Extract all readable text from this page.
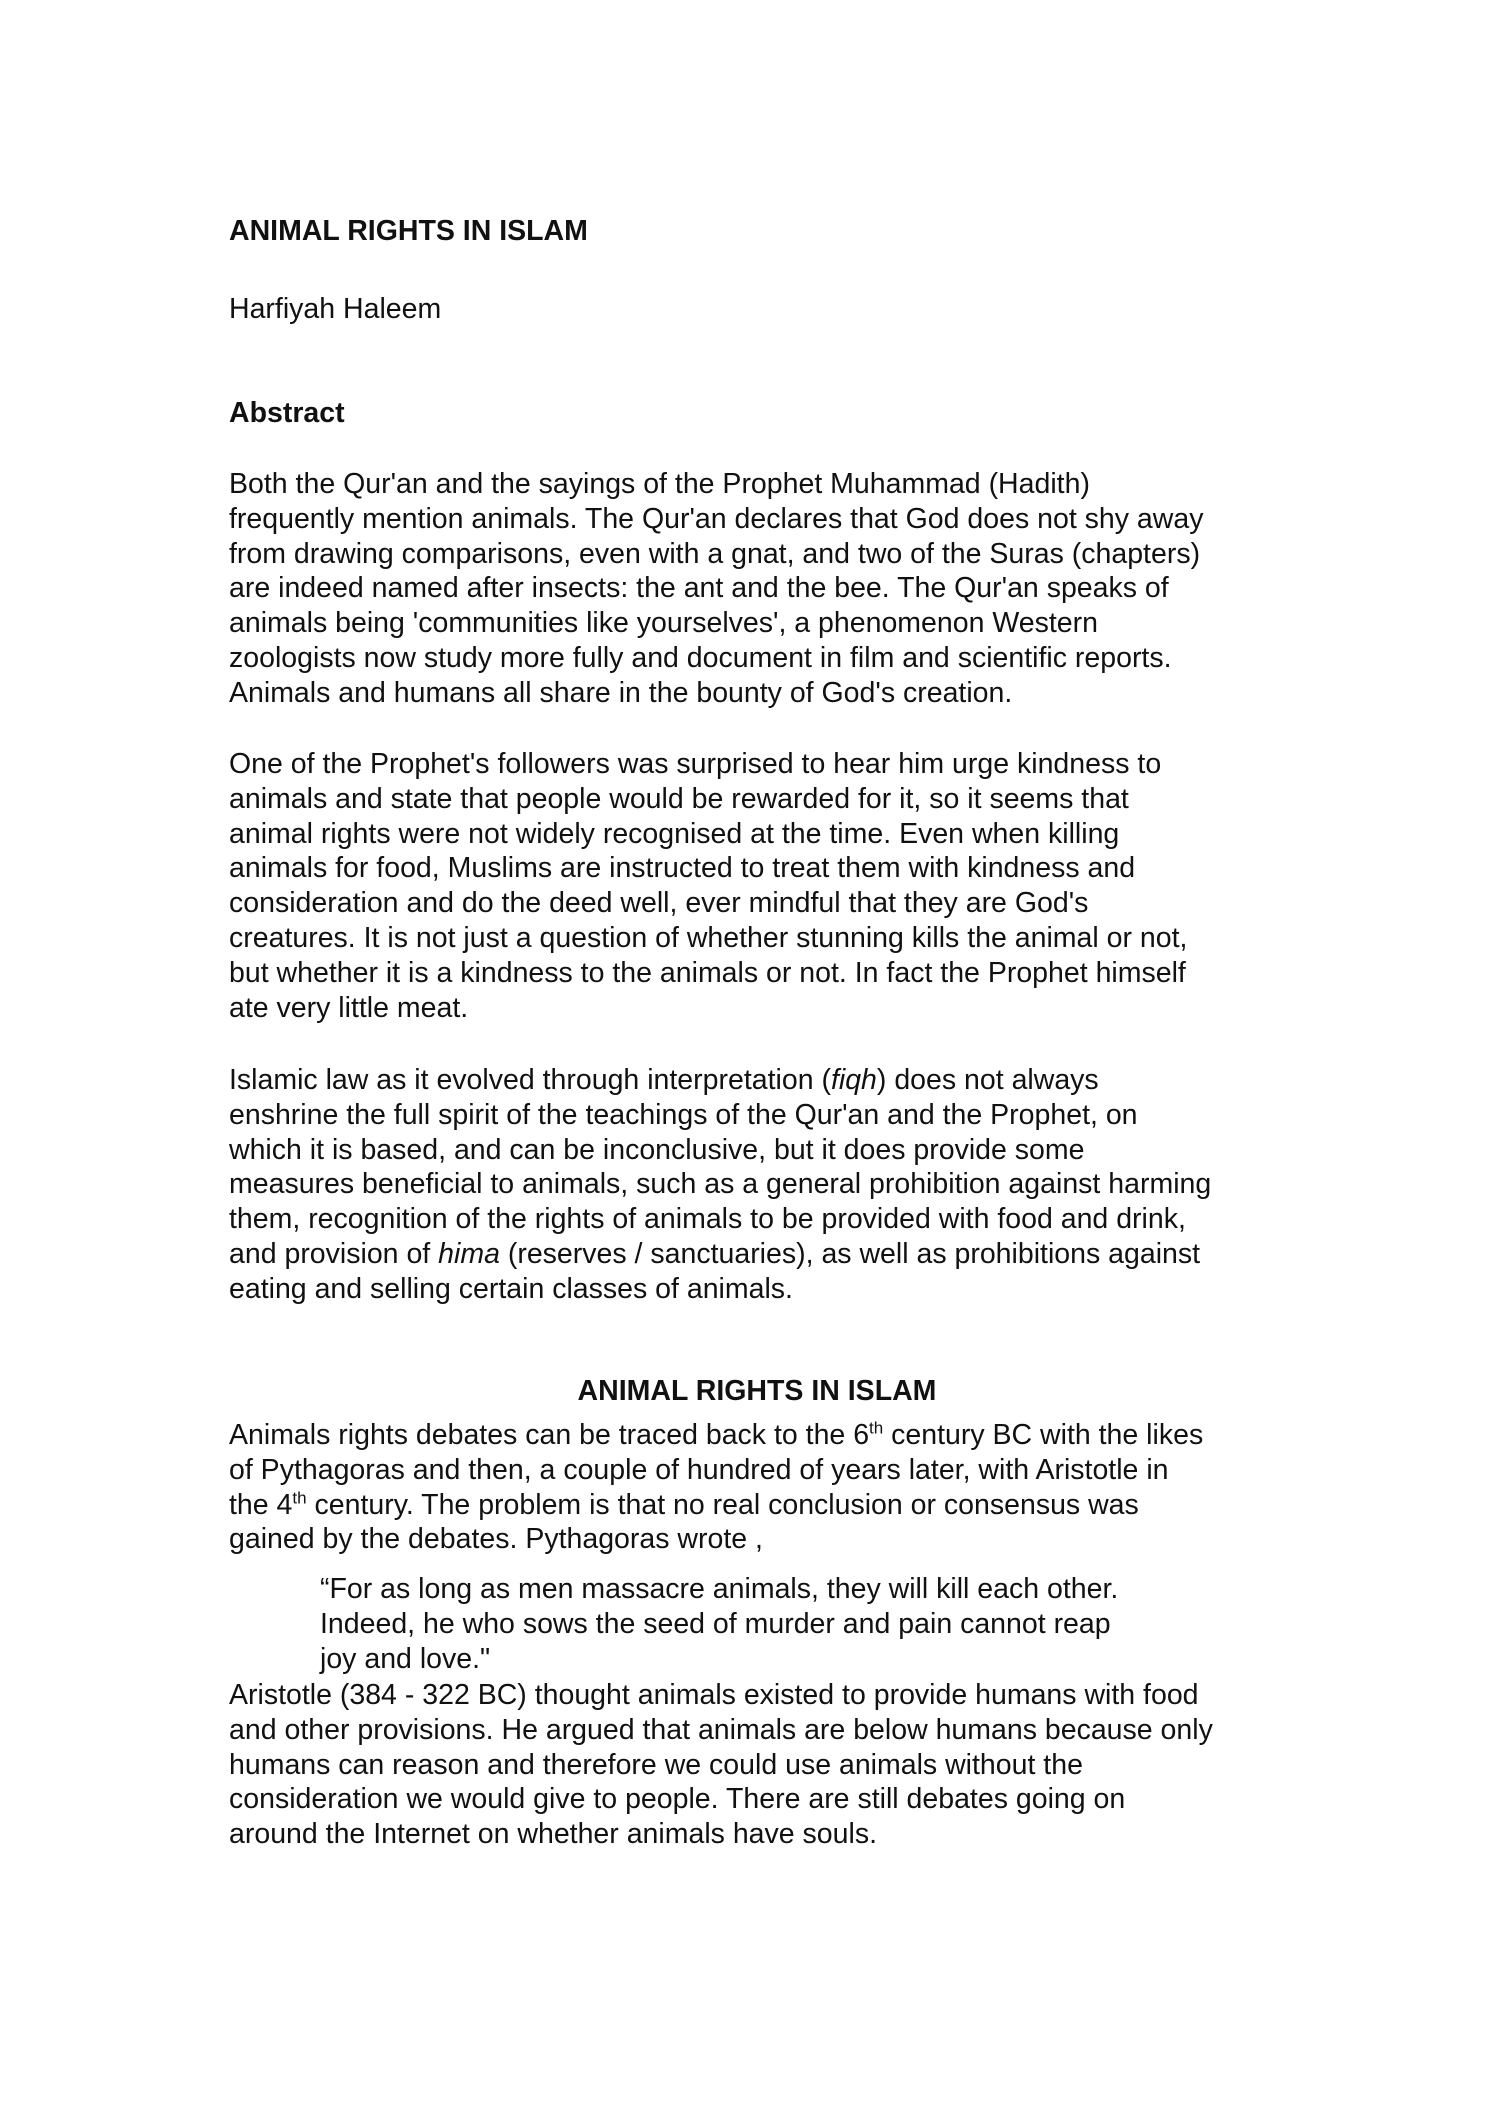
ANIMAL RIGHTS IN ISLAM
Harfiyah Haleem
Abstract
Both the Qur'an and the sayings of the Prophet Muhammad (Hadith)
frequently mention animals. The Qur'an declares that God does not shy away
from drawing comparisons, even with a gnat, and two of the Suras (chapters)
are indeed named after insects: the ant and the bee. The Qur'an speaks of
animals being 'communities like yourselves', a phenomenon Western
zoologists now study more fully and document in film and scientific reports.
Animals and humans all share in the bounty of God's creation.
One of the Prophet's followers was surprised to hear him urge kindness to
animals and state that people would be rewarded for it, so it seems that
animal rights were not widely recognised at the time. Even when killing
animals for food, Muslims are instructed to treat them with kindness and
consideration and do the deed well, ever mindful that they are God's
creatures. It is not just a question of whether stunning kills the animal or not,
but whether it is a kindness to the animals or not. In fact the Prophet himself
ate very little meat.
Islamic law as it evolved through interpretation (fiqh) does not always
enshrine the full spirit of the teachings of the Qur'an and the Prophet, on
which it is based, and can be inconclusive, but it does provide some
measures beneficial to animals, such as a general prohibition against harming
them, recognition of the rights of animals to be provided with food and drink,
and provision of hima (reserves / sanctuaries), as well as prohibitions against
eating and selling certain classes of animals.
ANIMAL RIGHTS IN ISLAM
Animals rights debates can be traced back to the 6th century BC with the likes
of Pythagoras and then, a couple of hundred of years later, with Aristotle in
the 4th century. The problem is that no real conclusion or consensus was
gained by the debates. Pythagoras wrote ,
“For as long as men massacre animals, they will kill each other.
Indeed, he who sows the seed of murder and pain cannot reap
joy and love."
Aristotle (384 - 322 BC) thought animals existed to provide humans with food
and other provisions. He argued that animals are below humans because only
humans can reason and therefore we could use animals without the
consideration we would give to people. There are still debates going on
around the Internet on whether animals have souls.
